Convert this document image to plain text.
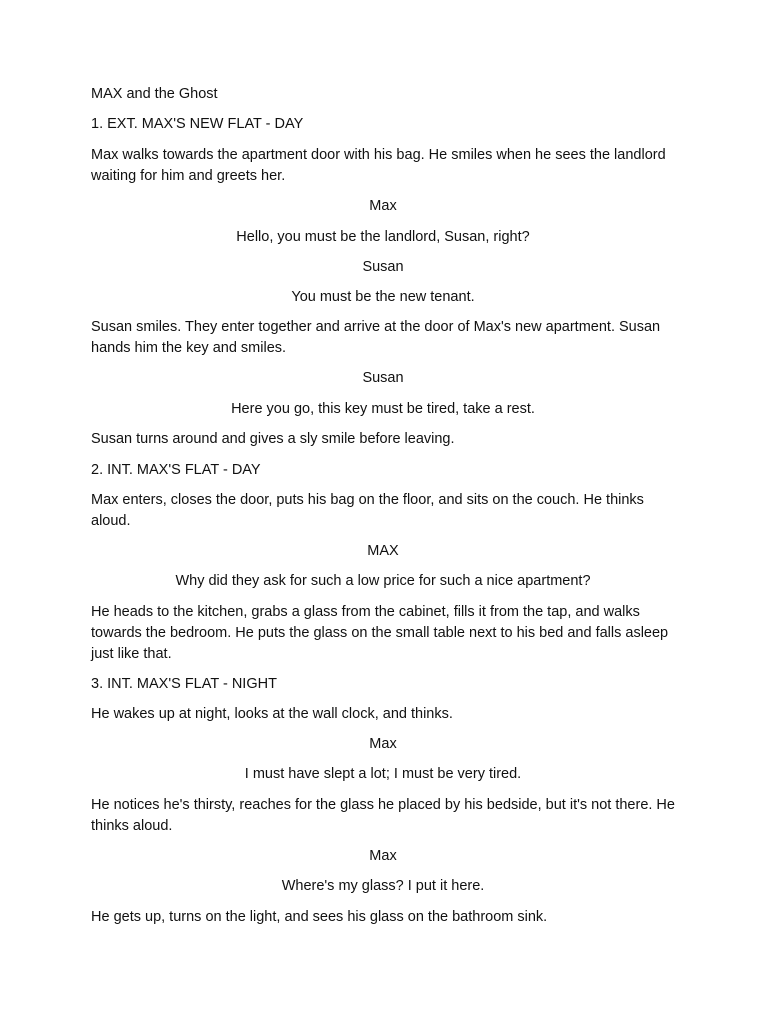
MAX and the Ghost

1. EXT. MAX'S NEW FLAT - DAY

Max walks towards the apartment door with his bag. He smiles when he sees the landlord waiting for him and greets her.

Max

Hello, you must be the landlord, Susan, right?

Susan

You must be the new tenant.

Susan smiles. They enter together and arrive at the door of Max's new apartment. Susan hands him the key and smiles.

Susan

Here you go, this key must be tired, take a rest.

Susan turns around and gives a sly smile before leaving.

2. INT. MAX'S FLAT - DAY

Max enters, closes the door, puts his bag on the floor, and sits on the couch. He thinks aloud.

MAX

Why did they ask for such a low price for such a nice apartment?

He heads to the kitchen, grabs a glass from the cabinet, fills it from the tap, and walks towards the bedroom. He puts the glass on the small table next to his bed and falls asleep just like that.

3. INT. MAX'S FLAT - NIGHT

He wakes up at night, looks at the wall clock, and thinks.

Max

I must have slept a lot; I must be very tired.

He notices he's thirsty, reaches for the glass he placed by his bedside, but it's not there. He thinks aloud.

Max

Where's my glass? I put it here.

He gets up, turns on the light, and sees his glass on the bathroom sink.
